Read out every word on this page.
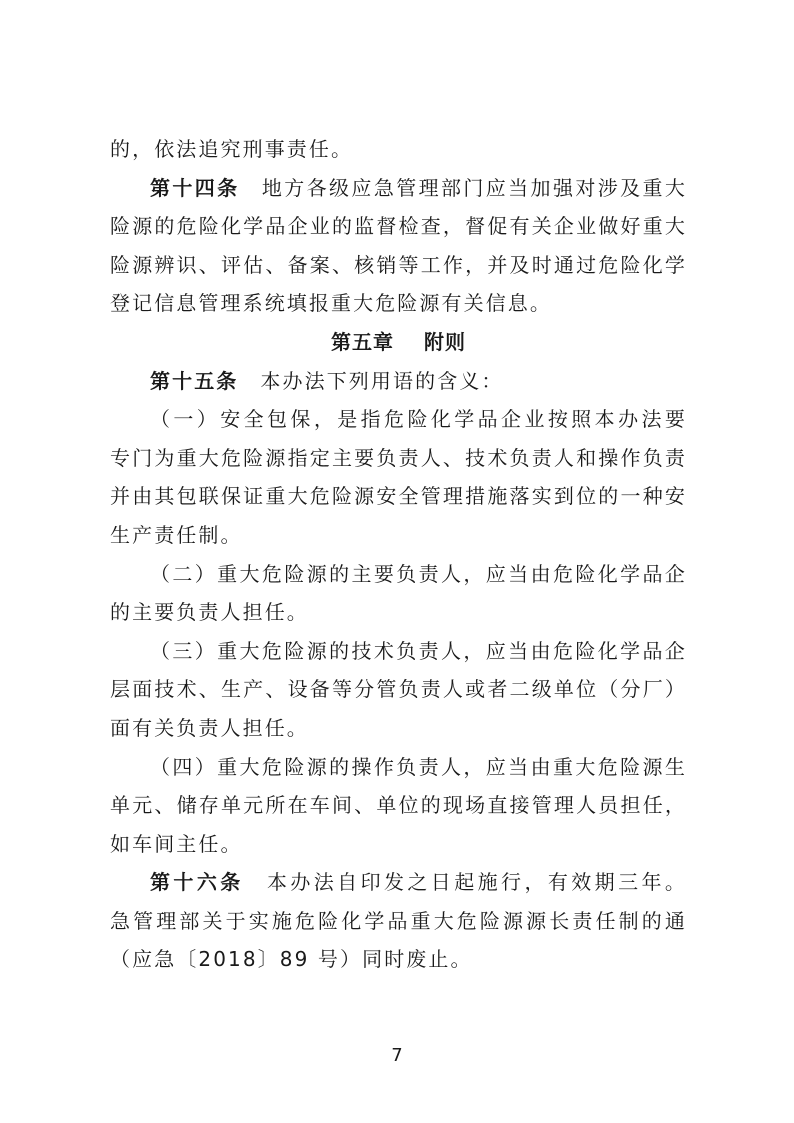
的，依法追究刑事责任。
第十四条 地方各级应急管理部门应当加强对涉及重大
险源的危险化学品企业的监督检查，督促有关企业做好重大
险源辨识、评估、备案、核销等工作，并及时通过危险化学
登记信息管理系统填报重大危险源有关信息。
第五章 附则
第十五条 本办法下列用语的含义：
（一）安全包保，是指危险化学品企业按照本办法要
专门为重大危险源指定主要负责人、技术负责人和操作负责
并由其包联保证重大危险源安全管理措施落实到位的一种安
生产责任制。
（二）重大危险源的主要负责人，应当由危险化学品企
的主要负责人担任。
（三）重大危险源的技术负责人，应当由危险化学品企
层面技术、生产、设备等分管负责人或者二级单位（分厂）
面有关负责人担任。
（四）重大危险源的操作负责人，应当由重大危险源生
单元、储存单元所在车间、单位的现场直接管理人员担任，
如车间主任。
第十六条 本办法自印发之日起施行，有效期三年。
急管理部关于实施危险化学品重大危险源源长责任制的通
（应急〔2018〕89 号）同时废止。
7
